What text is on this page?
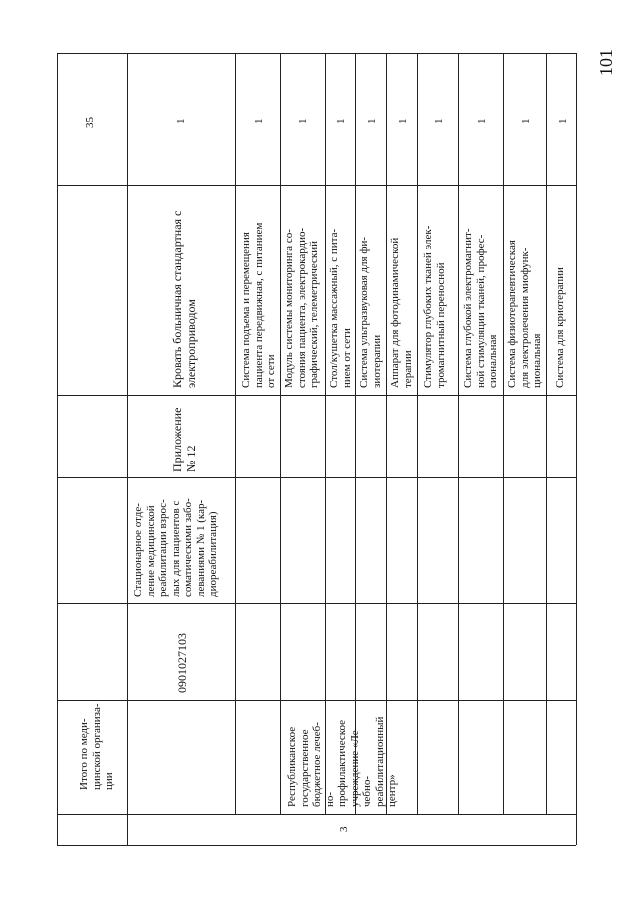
101
3
Итого по меди- цинской организа- ции
35
Республиканское государственное бюджетное лечеб- но- профилактическое учреждение «Ле- чебно- реабилитационный центр»
0901027103
Стационарное отде- ление медицинской реабилитации взрос- лых для пациентов с соматическими забо- леваниями № 1 (кар- диореабилитация)
Приложение № 12
Кровать больничная стандартная с электроприводом
1
Система подъема и перемещения пациента передвижная, с питанием от сети
1
Модуль системы мониторинга со- стояния пациента, электрокардио- графический, телеметрический
1
Стол/кушетка массажный, с пита- нием от сети
1
Система ультразвуковая для фи- зиотерапии
1
Аппарат для фотодинамической терапии
1
Стимулятор глубоких тканей элек- тромагнитный переносной
1
Система глубокой электромагнит- ной стимуляции тканей, профес- сиональная
1
Система физиотерапевтическая для электролечения миофунк- циональная
1
Система для криотерапии
1
